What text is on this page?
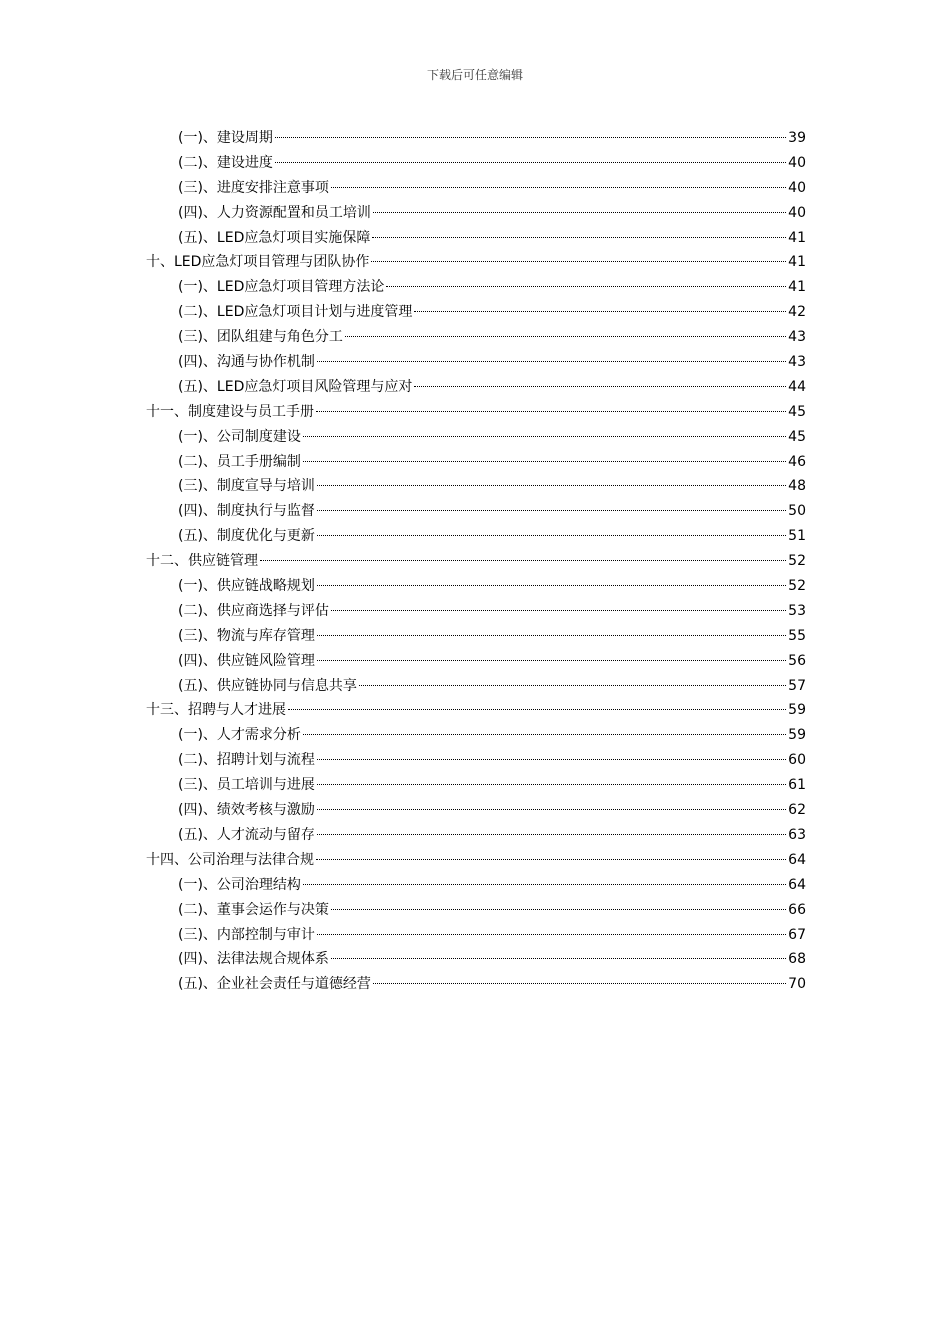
下载后可任意编辑
(一)、建设周期	39
(二)、建设进度	40
(三)、进度安排注意事项	40
(四)、人力资源配置和员工培训	40
(五)、LED应急灯项目实施保障	41
十、LED应急灯项目管理与团队协作	41
(一)、LED应急灯项目管理方法论	41
(二)、LED应急灯项目计划与进度管理	42
(三)、团队组建与角色分工	43
(四)、沟通与协作机制	43
(五)、LED应急灯项目风险管理与应对	44
十一、制度建设与员工手册	45
(一)、公司制度建设	45
(二)、员工手册编制	46
(三)、制度宣导与培训	48
(四)、制度执行与监督	50
(五)、制度优化与更新	51
十二、供应链管理	52
(一)、供应链战略规划	52
(二)、供应商选择与评估	53
(三)、物流与库存管理	55
(四)、供应链风险管理	56
(五)、供应链协同与信息共享	57
十三、招聘与人才进展	59
(一)、人才需求分析	59
(二)、招聘计划与流程	60
(三)、员工培训与进展	61
(四)、绩效考核与激励	62
(五)、人才流动与留存	63
十四、公司治理与法律合规	64
(一)、公司治理结构	64
(二)、董事会运作与决策	66
(三)、内部控制与审计	67
(四)、法律法规合规体系	68
(五)、企业社会责任与道德经营	70
